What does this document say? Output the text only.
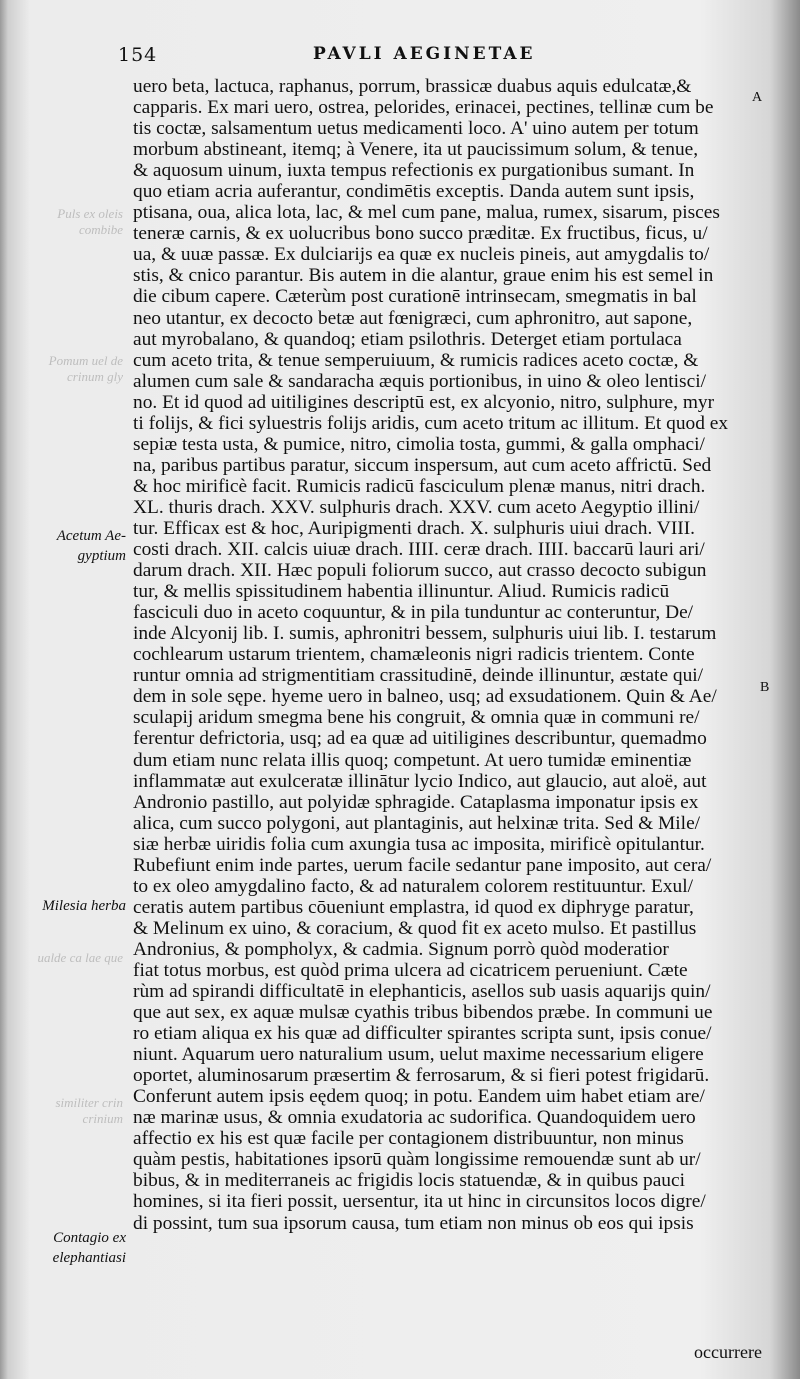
154	PAVLI AEGINETAE
uero beta, lactuca, raphanus, porrum, brassicæ duabus aquis edulcatæ,&
capparis. Ex mari uero, ostrea, pelorides, erinacei, pectines, tellinæ cum be
tis coctæ, salsamentum uetus medicamenti loco. A' uino autem per totum
morbum abstineant, itemq; à Venere, ita ut paucissimum solum, & tenue,
& aquosum uinum, iuxta tempus refectionis ex purgationibus sumant. In
quo etiam acria auferantur, condimētis exceptis. Danda autem sunt ipsis,
ptisana, oua, alica lota, lac, & mel cum pane, malua, rumex, sisarum, pisces
teneræ carnis, & ex uolucribus bono succo præditæ. Ex fructibus, ficus, u/
ua, & uuæ passæ. Ex dulciarijs ea quæ ex nucleis pineis, aut amygdalis to/
stis, & cnico parantur. Bis autem in die alantur, graue enim his est semel in
die cibum capere. Cæterùm post curationē intrinsecam, smegmatis in bal
neo utantur, ex decocto betæ aut fœnigræci, cum aphronitro, aut sapone,
aut myrobalano, & quandoq; etiam psilothris. Deterget etiam portulaca
cum aceto trita, & tenue semperuiuum, & rumicis radices aceto coctæ, &
alumen cum sale & sandaracha æquis portionibus, in uino & oleo lentisci/
no. Et id quod ad uitiligines descriptū est, ex alcyonio, nitro, sulphure, myr
ti folijs, & fici syluestris folijs aridis, cum aceto tritum ac illitum. Et quod ex
sepiæ testa usta, & pumice, nitro, cimolia tosta, gummi, & galla omphaci/
na, paribus partibus paratur, siccum inspersum, aut cum aceto affrictū. Sed
& hoc mirificè facit. Rumicis radicū fasciculum plenæ manus, nitri drach.
XL. thuris drach. XXV. sulphuris drach. XXV. cum aceto Aegyptio illini/
tur. Efficax est & hoc, Auripigmenti drach. X. sulphuris uiui drach. VIII.
costi drach. XII. calcis uiuæ drach. IIII. ceræ drach. IIII. baccarū lauri ari/
darum drach. XII. Hæc populi foliorum succo, aut crasso decocto subigun
tur, & mellis spissitudinem habentia illinuntur. Aliud. Rumicis radicū
fasciculi duo in aceto coquuntur, & in pila tunduntur ac conteruntur, De/
inde Alcyonij lib. I. sumis, aphronitri bessem, sulphuris uiui lib. I. testarum
cochlearum ustarum trientem, chamæleonis nigri radicis trientem. Conte
runtur omnia ad strigmentitiam crassitudinē, deinde illinuntur, æstate qui/
dem in sole sępe. hyeme uero in balneo, usq; ad exsudationem. Quin & Ae/
sculapij aridum smegma bene his congruit, & omnia quæ in communi re/
ferentur defrictoria, usq; ad ea quæ ad uitiligines describuntur, quemadmo
dum etiam nunc relata illis quoq; competunt. At uero tumidæ eminentiæ
inflammatæ aut exulceratæ illinātur lycio Indico, aut glaucio, aut aloë, aut
Andronio pastillo, aut polyidæ sphragide. Cataplasma imponatur ipsis ex
alica, cum succo polygoni, aut plantaginis, aut helxinæ trita. Sed & Mile/
siæ herbæ uiridis folia cum axungia tusa ac imposita, mirificè opitulantur.
Rubefiunt enim inde partes, uerum facile sedantur pane imposito, aut cera/
to ex oleo amygdalino facto, & ad naturalem colorem restituuntur. Exul/
ceratis autem partibus cōueniunt emplastra, id quod ex diphryge paratur,
& Melinum ex uino, & coracium, & quod fit ex aceto mulso. Et pastillus
Andronius, & pompholyx, & cadmia. Signum porrò quòd moderatior
fiat totus morbus, est quòd prima ulcera ad cicatricem perueniunt. Cæte
rùm ad spirandi difficultatē in elephanticis, asellos sub uasis aquarijs quin/
que aut sex, ex aquæ mulsæ cyathis tribus bibendos præbe. In communi ue
ro etiam aliqua ex his quæ ad difficulter spirantes scripta sunt, ipsis conue/
niunt. Aquarum uero naturalium usum, uelut maxime necessarium eligere
oportet, aluminosarum præsertim & ferrosarum, & si fieri potest frigidarū.
Conferunt autem ipsis eędem quoq; in potu. Eandem uim habet etiam are/
næ marinæ usus, & omnia exudatoria ac sudorifica. Quandoquidem uero
affectio ex his est quæ facile per contagionem distribuuntur, non minus
quàm pestis, habitationes ipsorū quàm longissime remouendæ sunt ab ur/
bibus, & in mediterraneis ac frigidis locis statuendæ, & in quibus pauci
homines, si ita fieri possit, uersentur, ita ut hinc in circunsitos locos digre/
di possint, tum sua ipsorum causa, tum etiam non minus ob eos qui ipsis
Puls ex oleis combibe
Pomum uel de crinum gly
ualde ca lae que
similiter crin crinium
Acetum Ae-
gyptium
Milesia herba
Contagio ex
elephantiasi
A
B
occurrere
